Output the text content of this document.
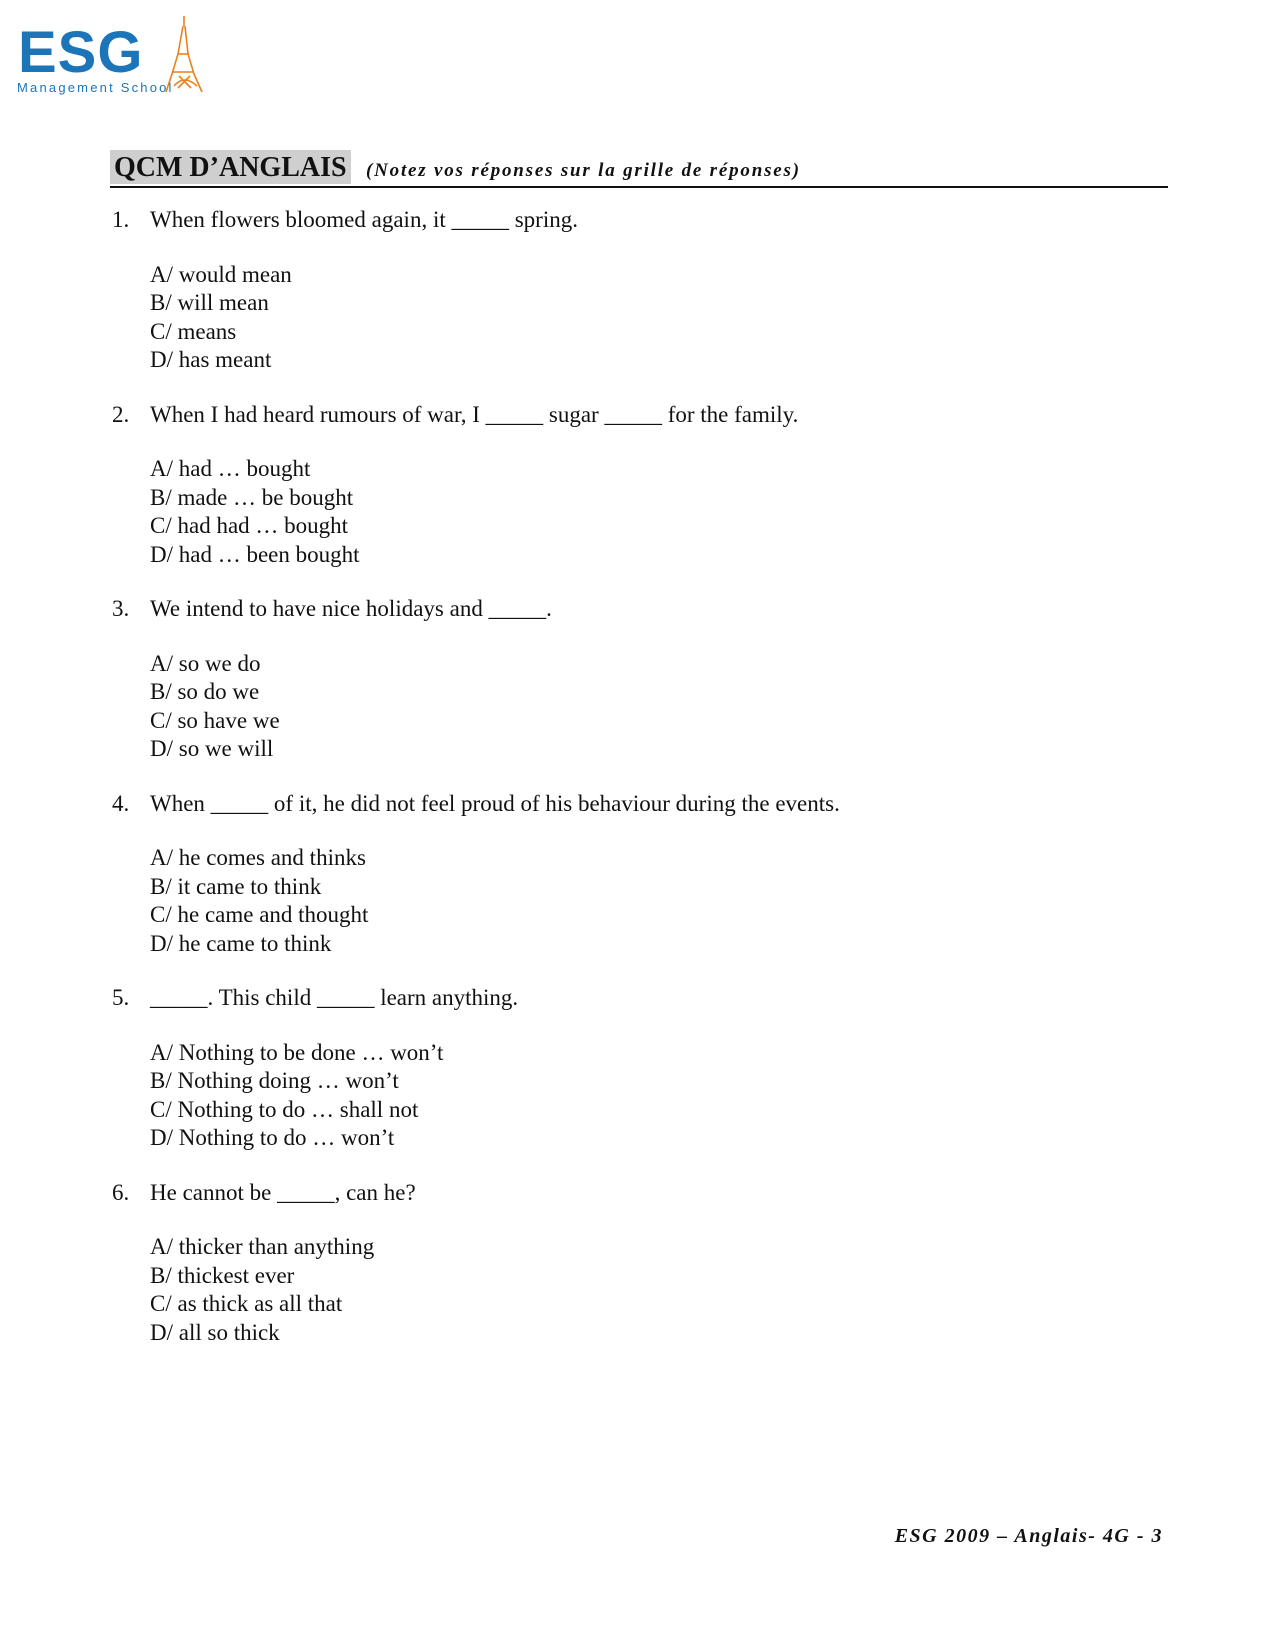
ESG
Management School
QCM D’ANGLAIS (Notez vos réponses sur la grille de réponses)
1. When flowers bloomed again, it _____ spring.
A/ would mean
B/ will mean
C/ means
D/ has meant
2. When I had heard rumours of war, I _____ sugar _____ for the family.
A/ had … bought
B/ made … be bought
C/ had had … bought
D/ had … been bought
3. We intend to have nice holidays and _____.
A/ so we do
B/ so do we
C/ so have we
D/ so we will
4. When _____ of it, he did not feel proud of his behaviour during the events.
A/ he comes and thinks
B/ it came to think
C/ he came and thought
D/ he came to think
5. _____. This child _____ learn anything.
A/ Nothing to be done … won’t
B/ Nothing doing … won’t
C/ Nothing to do … shall not
D/ Nothing to do … won’t
6. He cannot be _____, can he?
A/ thicker than anything
B/ thickest ever
C/ as thick as all that
D/ all so thick
ESG 2009 – Anglais- 4G - 3
